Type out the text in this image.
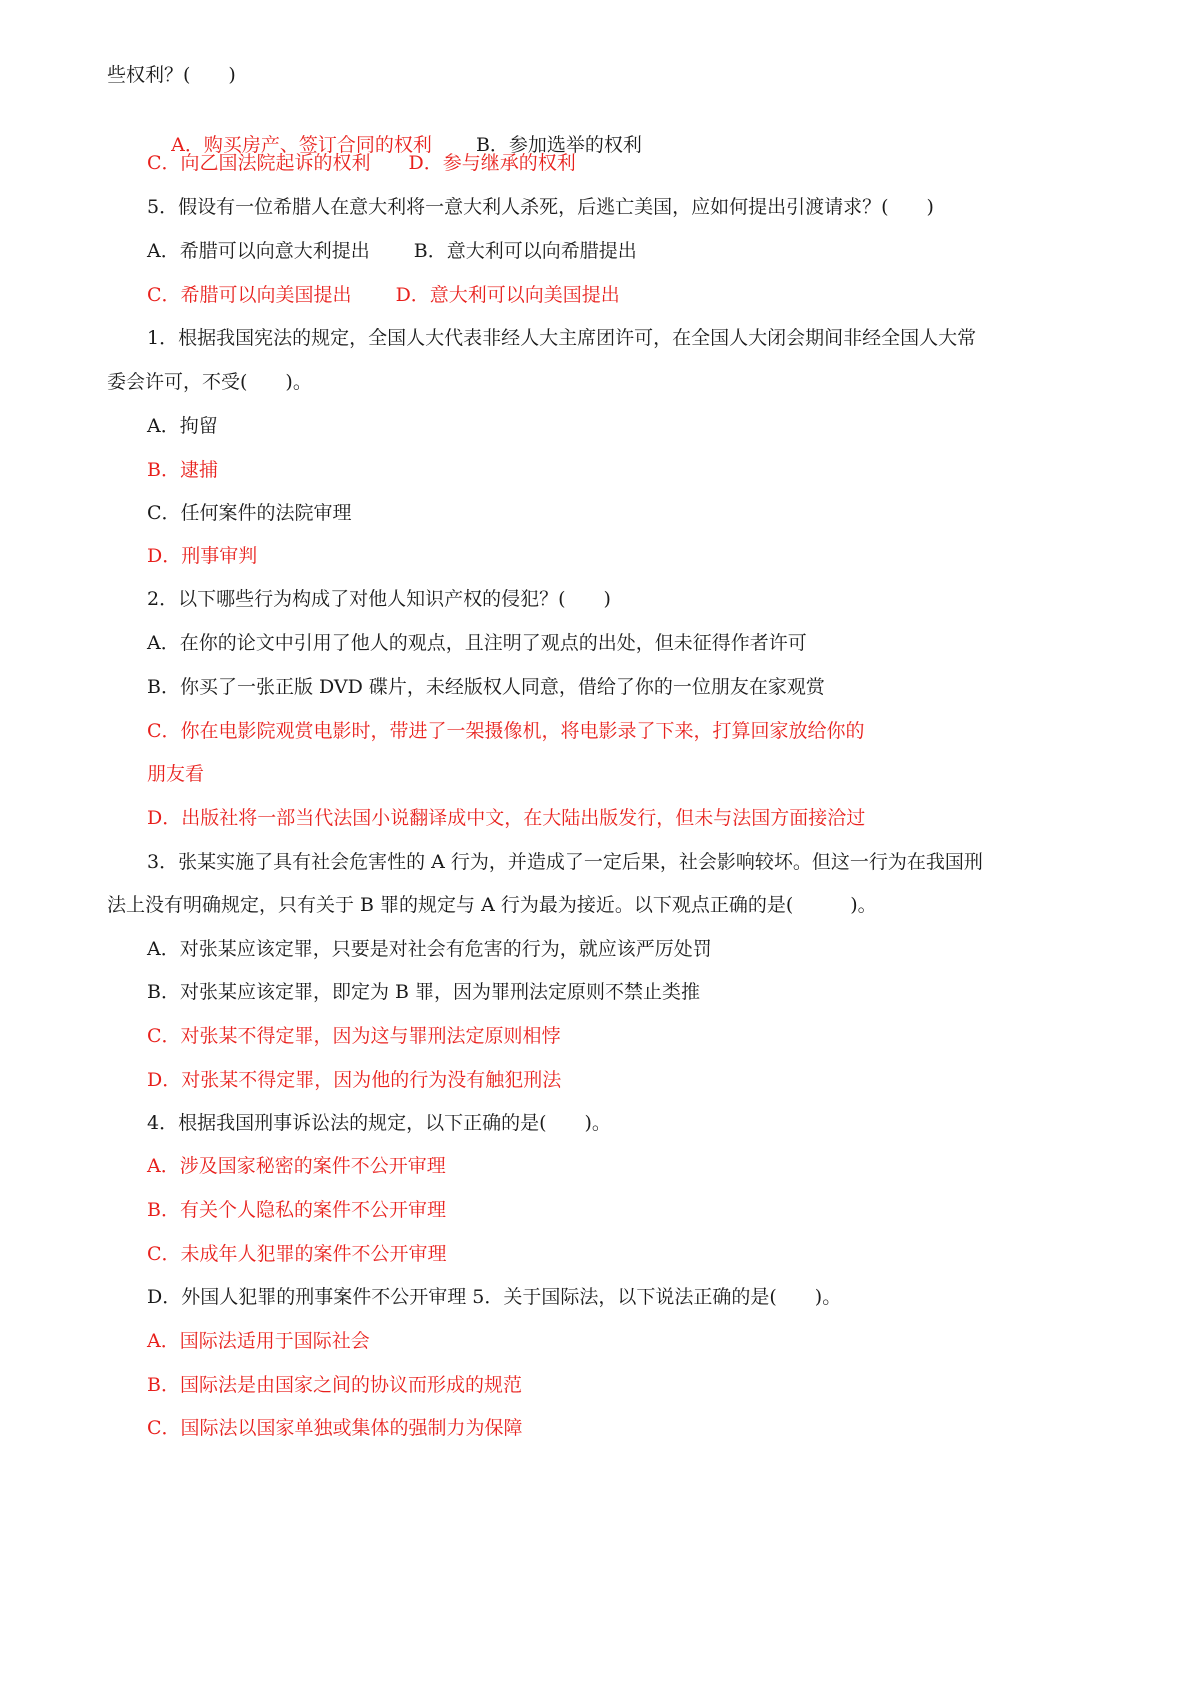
些权利？(　　)

A．购买房产、签订合同的权利　　 B．参加选举的权利

C．向乙国法院起诉的权利　　D．参与继承的权利
5．假设有一位希腊人在意大利将一意大利人杀死，后逃亡美国，应如何提出引渡请求？(　　)
A．希腊可以向意大利提出　　 B．意大利可以向希腊提出
C．希腊可以向美国提出　　 D．意大利可以向美国提出
1．根据我国宪法的规定，全国人大代表非经人大主席团许可，在全国人大闭会期间非经全国人大常
委会许可，不受(　　)。
A．拘留
B．逮捕
C．任何案件的法院审理
D．刑事审判
2．以下哪些行为构成了对他人知识产权的侵犯？(　　)
A．在你的论文中引用了他人的观点，且注明了观点的出处，但未征得作者许可
B．你买了一张正版 DVD 碟片，未经版权人同意，借给了你的一位朋友在家观赏
C．你在电影院观赏电影时，带进了一架摄像机，将电影录了下来，打算回家放给你的
朋友看
D．出版社将一部当代法国小说翻译成中文，在大陆出版发行，但未与法国方面接洽过
3．张某实施了具有社会危害性的 A 行为，并造成了一定后果，社会影响较坏。但这一行为在我国刑
法上没有明确规定，只有关于 B 罪的规定与 A 行为最为接近。以下观点正确的是(　　　)。
A．对张某应该定罪，只要是对社会有危害的行为，就应该严厉处罚
B．对张某应该定罪，即定为 B 罪，因为罪刑法定原则不禁止类推
C．对张某不得定罪，因为这与罪刑法定原则相悖
D．对张某不得定罪，因为他的行为没有触犯刑法
4．根据我国刑事诉讼法的规定，以下正确的是(　　)。
A．涉及国家秘密的案件不公开审理
B．有关个人隐私的案件不公开审理
C．未成年人犯罪的案件不公开审理
D．外国人犯罪的刑事案件不公开审理 5．关于国际法，以下说法正确的是(　　)。
A．国际法适用于国际社会
B．国际法是由国家之间的协议而形成的规范
C．国际法以国家单独或集体的强制力为保障
